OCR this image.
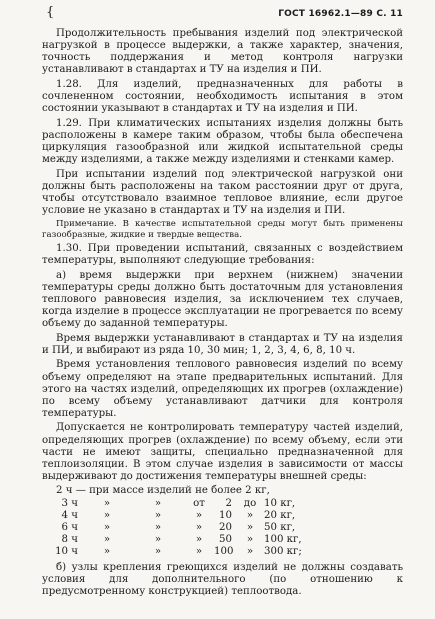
{	ГОСТ 16962.1—89 С. 11

Продолжительность пребывания изделий под электрической нагрузкой в процессе выдержки, а также характер, значения, точность поддержания и метод контроля нагрузки устанавливают в стандартах и ТУ на изделия и ПИ.

1.28. Для изделий, предназначенных для работы в сочлененном состоянии, необходимость испытания в этом состоянии указывают в стандартах и ТУ на изделия и ПИ.

1.29. При климатических испытаниях изделия должны быть расположены в камере таким образом, чтобы была обеспечена циркуляция газообразной или жидкой испытательной среды между изделиями, а также между изделиями и стенками камер.

При испытании изделий под электрической нагрузкой они должны быть расположены на таком расстоянии друг от друга, чтобы отсутствовало взаимное тепловое влияние, если другое условие не указано в стандартах и ТУ на изделия и ПИ.

Примечание. В качестве испытательной среды могут быть применены газообразные, жидкие и твердые вещества.

1.30. При проведении испытаний, связанных с воздействием температуры, выполняют следующие требования:

а) время выдержки при верхнем (нижнем) значении температуры среды должно быть достаточным для установления теплового равновесия изделия, за исключением тех случаев, когда изделие в процессе эксплуатации не прогревается по всему объему до заданной температуры.

Время выдержки устанавливают в стандартах и ТУ на изделия и ПИ, и выбирают из ряда 10, 30 мин; 1, 2, 3, 4, 6, 8, 10 ч.

Время установления теплового равновесия изделий по всему объему определяют на этапе предварительных испытаний. Для этого на частях изделий, определяющих их прогрев (охлаждение) по всему объему устанавливают датчики для контроля температуры.

Допускается не контролировать температуру частей изделий, определяющих прогрев (охлаждение) по всему объему, если эти части не имеют защиты, специально предназначенной для теплоизоляции. В этом случае изделия в зависимости от массы выдерживают до достижения температуры внешней среды:

2 ч — при массе изделий не более 2 кг,
3 ч	»	»	от	2	до 10 кг,
4 ч	»	»	»	10	»	20 кг,
6 ч	»	»	»	20	»	50 кг,
8 ч	»	»	»	50	»	100 кг,
10 ч	»	»	»	100	»	300 кг;

б) узлы крепления греющихся изделий не должны создавать условия для дополнительного (по отношению к предусмотренному конструкцией) теплоотвода.
